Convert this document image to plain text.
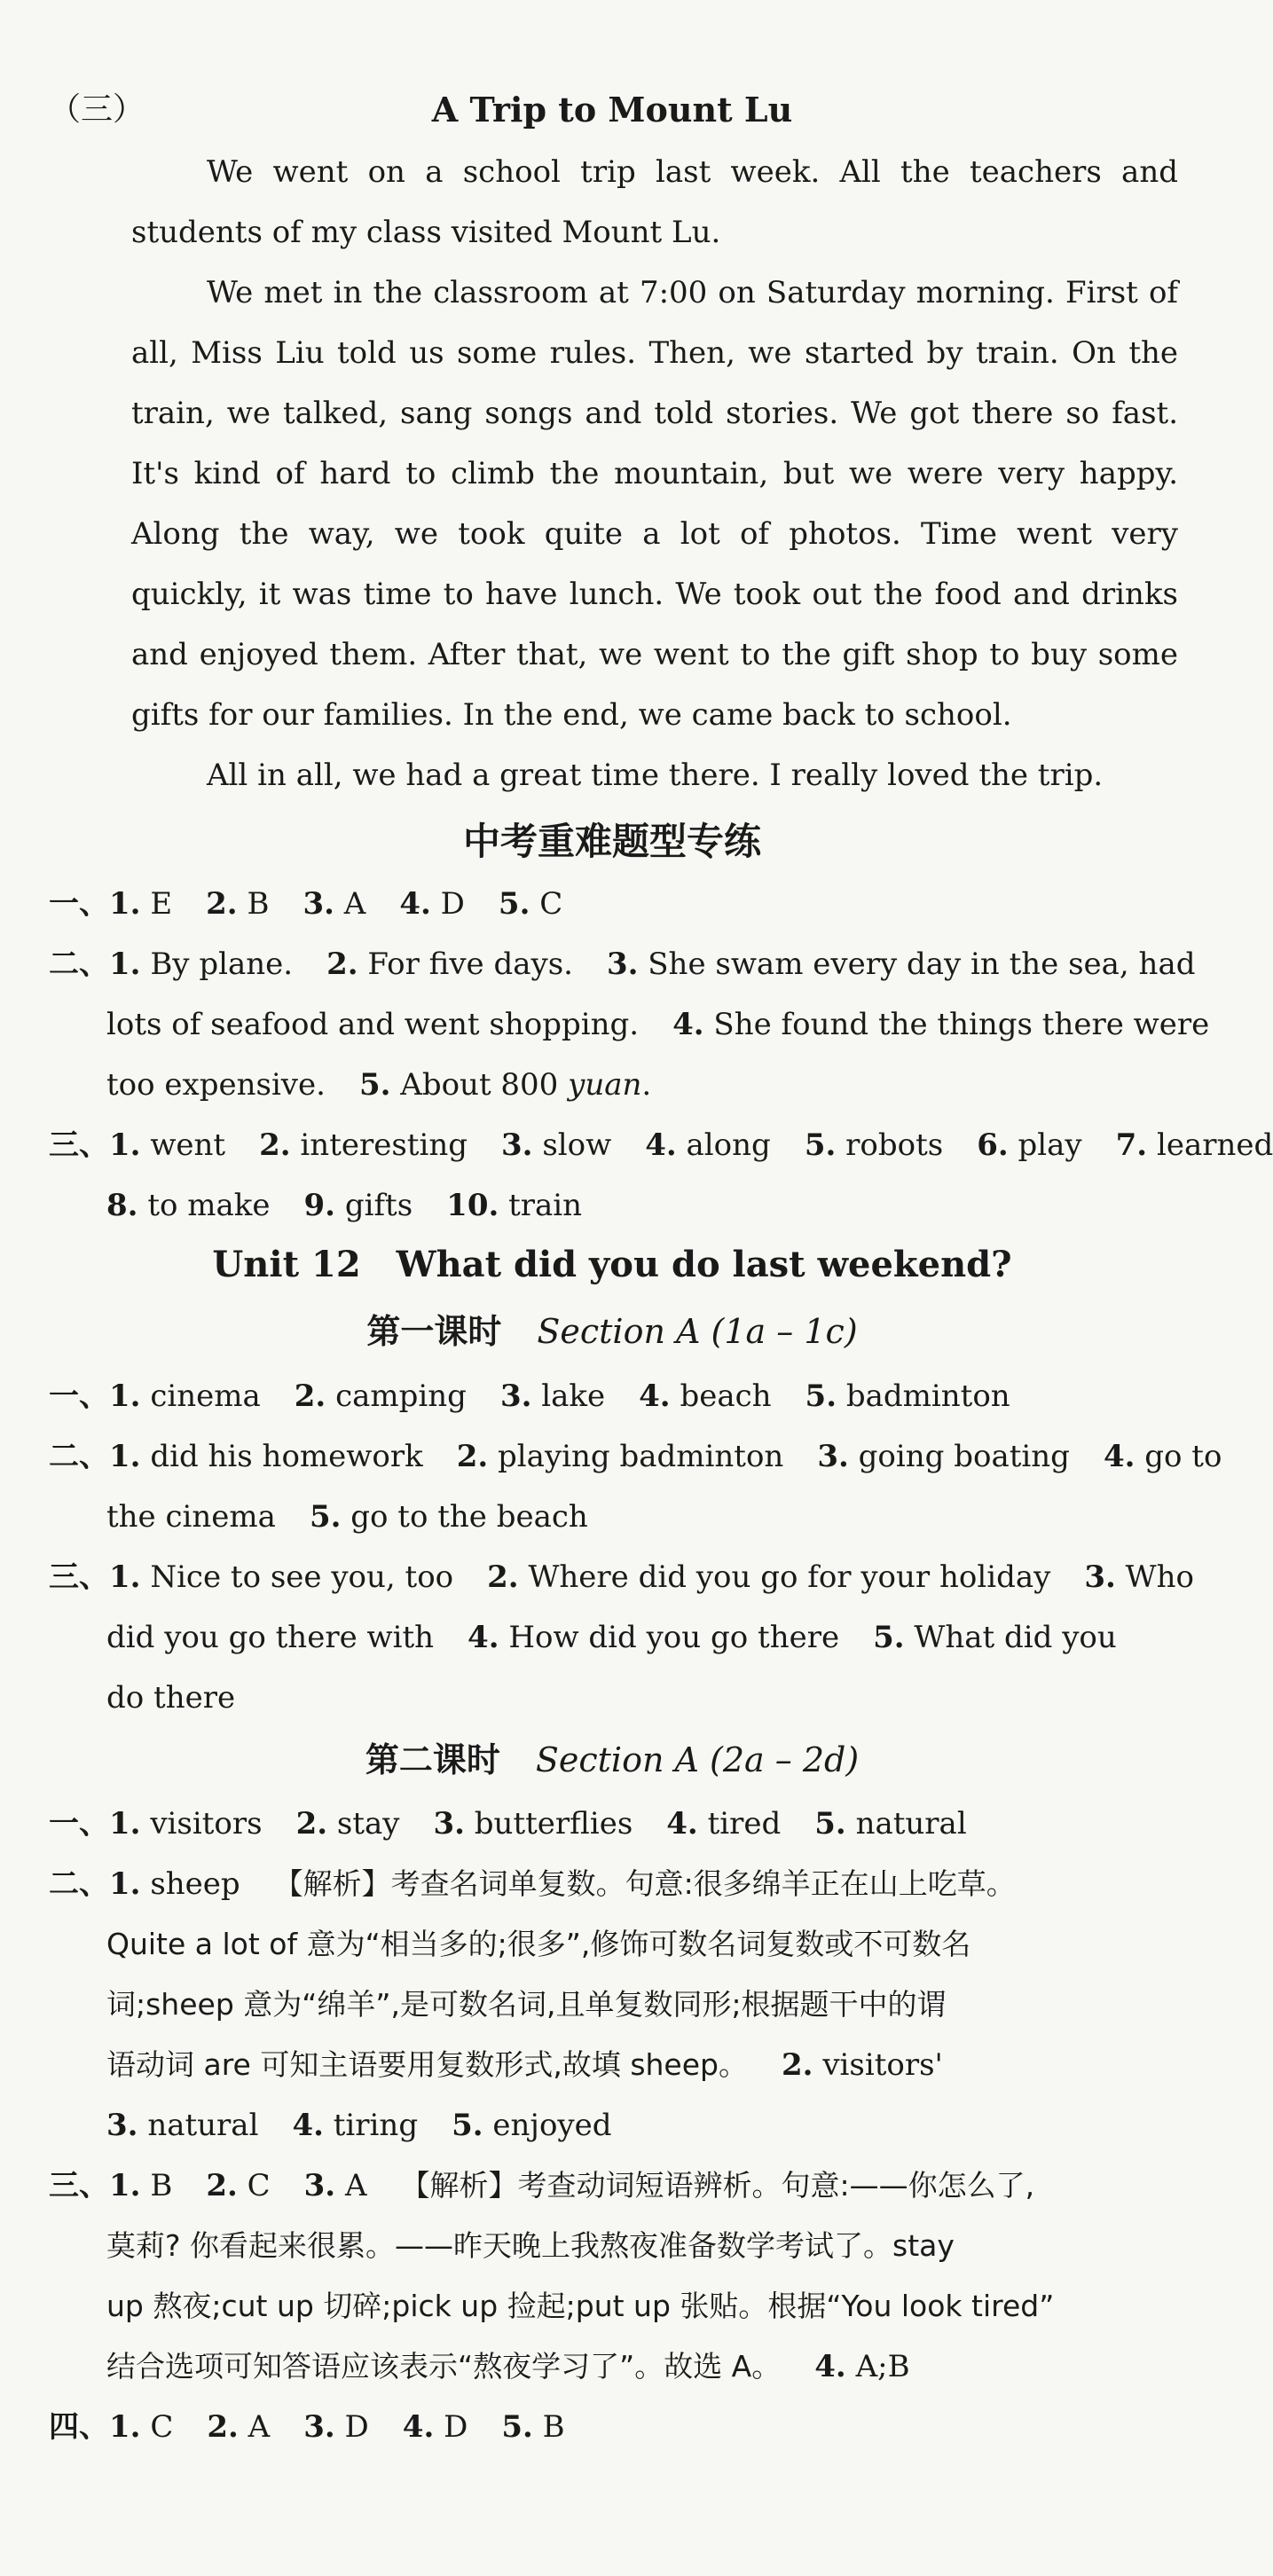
（三）	A Trip to Mount Lu

We went on a school trip last week. All the teachers and students of my class visited Mount Lu.

We met in the classroom at 7:00 on Saturday morning. First of all, Miss Liu told us some rules. Then, we started by train. On the train, we talked, sang songs and told stories. We got there so fast. It's kind of hard to climb the mountain, but we were very happy. Along the way, we took quite a lot of photos. Time went very quickly, it was time to have lunch. We took out the food and drinks and enjoyed them. After that, we went to the gift shop to buy some gifts for our families. In the end, we came back to school.

All in all, we had a great time there. I really loved the trip.

中考重难题型专练
一、1. E 2. B 3. A 4. D 5. C
二、1. By plane. 2. For five days. 3. She swam every day in the sea, had
lots of seafood and went shopping. 4. She found the things there were
too expensive. 5. About 800 yuan.
三、1. went 2. interesting 3. slow 4. along 5. robots 6. play 7. learned
8. to make 9. gifts 10. train
Unit 12 What did you do last weekend?
第一课时 Section A (1a – 1c)
一、1. cinema 2. camping 3. lake 4. beach 5. badminton
二、1. did his homework 2. playing badminton 3. going boating 4. go to
the cinema 5. go to the beach
三、1. Nice to see you, too 2. Where did you go for your holiday 3. Who
did you go there with 4. How did you go there 5. What did you
do there
第二课时 Section A (2a – 2d)
一、1. visitors 2. stay 3. butterflies 4. tired 5. natural
二、1. sheep 【解析】考查名词单复数。句意:很多绵羊正在山上吃草。
Quite a lot of 意为“相当多的;很多”,修饰可数名词复数或不可数名
词;sheep 意为“绵羊”,是可数名词,且单复数同形;根据题干中的谓
语动词 are 可知主语要用复数形式,故填 sheep。 2. visitors'
3. natural 4. tiring 5. enjoyed
三、1. B 2. C 3. A 【解析】考查动词短语辨析。句意:——你怎么了,
莫莉? 你看起来很累。——昨天晚上我熬夜准备数学考试了。stay
up 熬夜;cut up 切碎;pick up 捡起;put up 张贴。根据“You look tired”
结合选项可知答语应该表示“熬夜学习了”。故选 A。 4. A;B
四、1. C 2. A 3. D 4. D 5. B
